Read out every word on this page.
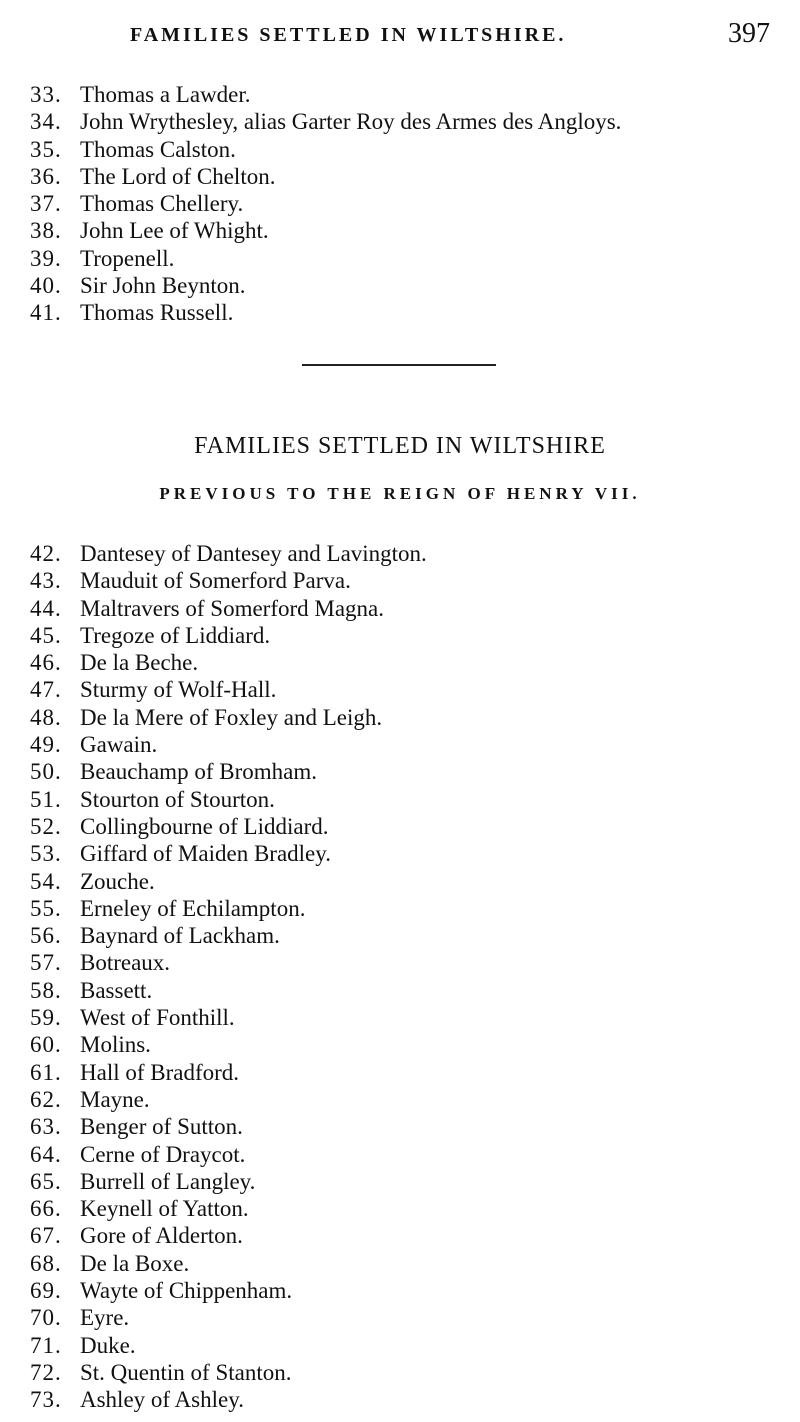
FAMILIES SETTLED IN WILTSHIRE.	397
33. Thomas a Lawder.
34. John Wrythesley, alias Garter Roy des Armes des Angloys.
35. Thomas Calston.
36. The Lord of Chelton.
37. Thomas Chellery.
38. John Lee of Whight.
39. Tropenell.
40. Sir John Beynton.
41. Thomas Russell.
FAMILIES SETTLED IN WILTSHIRE
PREVIOUS TO THE REIGN OF HENRY VII.
42. Dantesey of Dantesey and Lavington.
43. Mauduit of Somerford Parva.
44. Maltravers of Somerford Magna.
45. Tregoze of Liddiard.
46. De la Beche.
47. Sturmy of Wolf-Hall.
48. De la Mere of Foxley and Leigh.
49. Gawain.
50. Beauchamp of Bromham.
51. Stourton of Stourton.
52. Collingbourne of Liddiard.
53. Giffard of Maiden Bradley.
54. Zouche.
55. Erneley of Echilampton.
56. Baynard of Lackham.
57. Botreaux.
58. Bassett.
59. West of Fonthill.
60. Molins.
61. Hall of Bradford.
62. Mayne.
63. Benger of Sutton.
64. Cerne of Draycot.
65. Burrell of Langley.
66. Keynell of Yatton.
67. Gore of Alderton.
68. De la Boxe.
69. Wayte of Chippenham.
70. Eyre.
71. Duke.
72. St. Quentin of Stanton.
73. Ashley of Ashley.
